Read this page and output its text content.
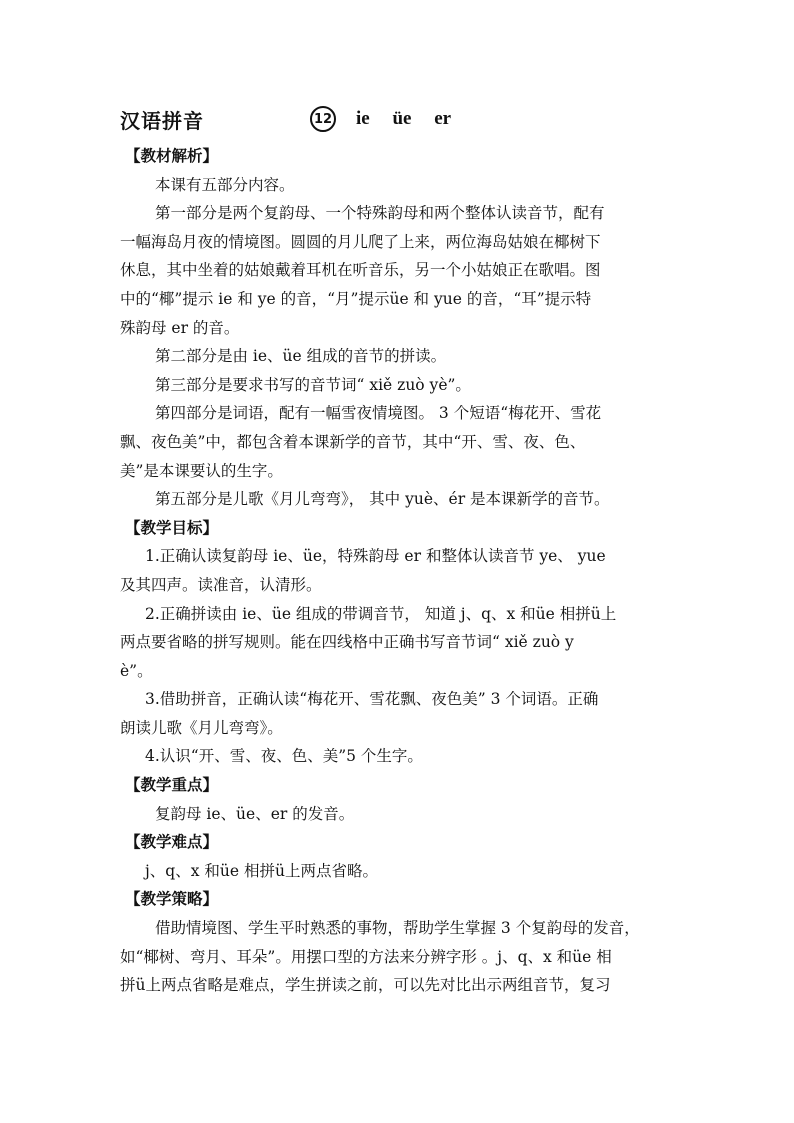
汉语拼音	12 ie üe er
【教材解析】
本课有五部分内容。
第一部分是两个复韵母、一个特殊韵母和两个整体认读音节，配有
一幅海岛月夜的情境图。圆圆的月儿爬了上来，两位海岛姑娘在椰树下
休息，其中坐着的姑娘戴着耳机在听音乐，另一个小姑娘正在歌唱。图
中的“椰”提示 ie 和 ye 的音，“月”提示üe 和 yue 的音，“耳”提示特
殊韵母 er 的音。
第二部分是由 ie、üe 组成的音节的拼读。
第三部分是要求书写的音节词“ xiě zuò yè”。
第四部分是词语，配有一幅雪夜情境图。 3 个短语“梅花开、雪花
飘、夜色美”中，都包含着本课新学的音节，其中“开、雪、夜、色、
美”是本课要认的生字。
第五部分是儿歌《月儿弯弯》， 其中 yuè、ér 是本课新学的音节。
【教学目标】
1.正确认读复韵母 ie、üe，特殊韵母 er 和整体认读音节 ye、 yue
及其四声。读准音，认清形。
2.正确拼读由 ie、üe 组成的带调音节， 知道 j、q、x 和üe 相拼ü上
两点要省略的拼写规则。能在四线格中正确书写音节词“ xiě zuò y
è”。
3.借助拼音，正确认读“梅花开、雪花飘、夜色美” 3 个词语。正确
朗读儿歌《月儿弯弯》。
4.认识“开、雪、夜、色、美”5 个生字。
【教学重点】
复韵母 ie、üe、er 的发音。
【教学难点】
j、q、x 和üe 相拼ü上两点省略。
【教学策略】
借助情境图、学生平时熟悉的事物，帮助学生掌握 3 个复韵母的发音，
如“椰树、弯月、耳朵”。用摆口型的方法来分辨字形 。j、q、x 和üe 相
拼ü上两点省略是难点，学生拼读之前，可以先对比出示两组音节，复习
